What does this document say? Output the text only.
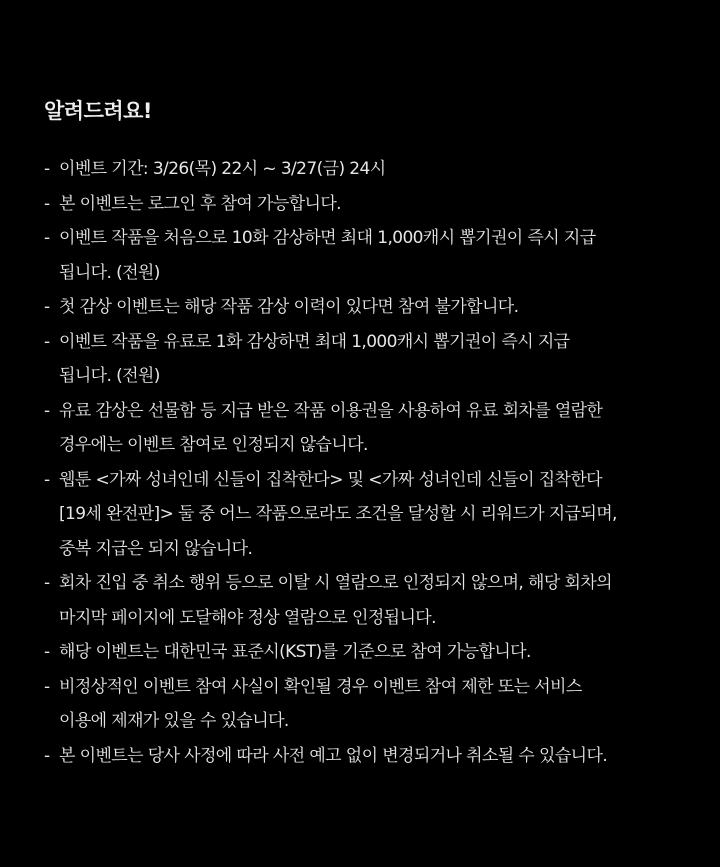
알려드려요!
- 이벤트 기간: 3/26(목) 22시 ~ 3/27(금) 24시
- 본 이벤트는 로그인 후 참여 가능합니다.
- 이벤트 작품을 처음으로 10화 감상하면 최대 1,000캐시 뽑기권이 즉시 지급
됩니다. (전원)
- 첫 감상 이벤트는 해당 작품 감상 이력이 있다면 참여 불가합니다.
- 이벤트 작품을 유료로 1화 감상하면 최대 1,000캐시 뽑기권이 즉시 지급
됩니다. (전원)
- 유료 감상은 선물함 등 지급 받은 작품 이용권을 사용하여 유료 회차를 열람한
경우에는 이벤트 참여로 인정되지 않습니다.
- 웹툰 <가짜 성녀인데 신들이 집착한다> 및 <가짜 성녀인데 신들이 집착한다
[19세 완전판]> 둘 중 어느 작품으로라도 조건을 달성할 시 리워드가 지급되며,
중복 지급은 되지 않습니다.
- 회차 진입 중 취소 행위 등으로 이탈 시 열람으로 인정되지 않으며, 해당 회차의
마지막 페이지에 도달해야 정상 열람으로 인정됩니다.
- 해당 이벤트는 대한민국 표준시(KST)를 기준으로 참여 가능합니다.
- 비정상적인 이벤트 참여 사실이 확인될 경우 이벤트 참여 제한 또는 서비스
이용에 제재가 있을 수 있습니다.
- 본 이벤트는 당사 사정에 따라 사전 예고 없이 변경되거나 취소될 수 있습니다.
